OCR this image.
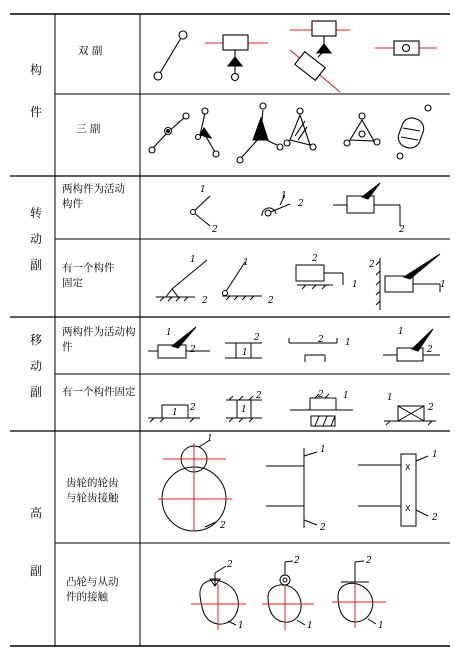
1
2
1
2
2
1
2
1
2
2
1
2
1
1
2
2
1
2 1
1
2
1 2
2
1
2 1	1
2
1
2
1
2
1
2
2
1
2
1
2
1
X
X
构
件
转
动
副
移
动
副
高
副
双 副
三 副
两构件为活动构件
有一个构件固定
两构件为活动构件
有一个构件固定
齿轮的轮齿与轮齿接触
凸轮与从动件的接触
